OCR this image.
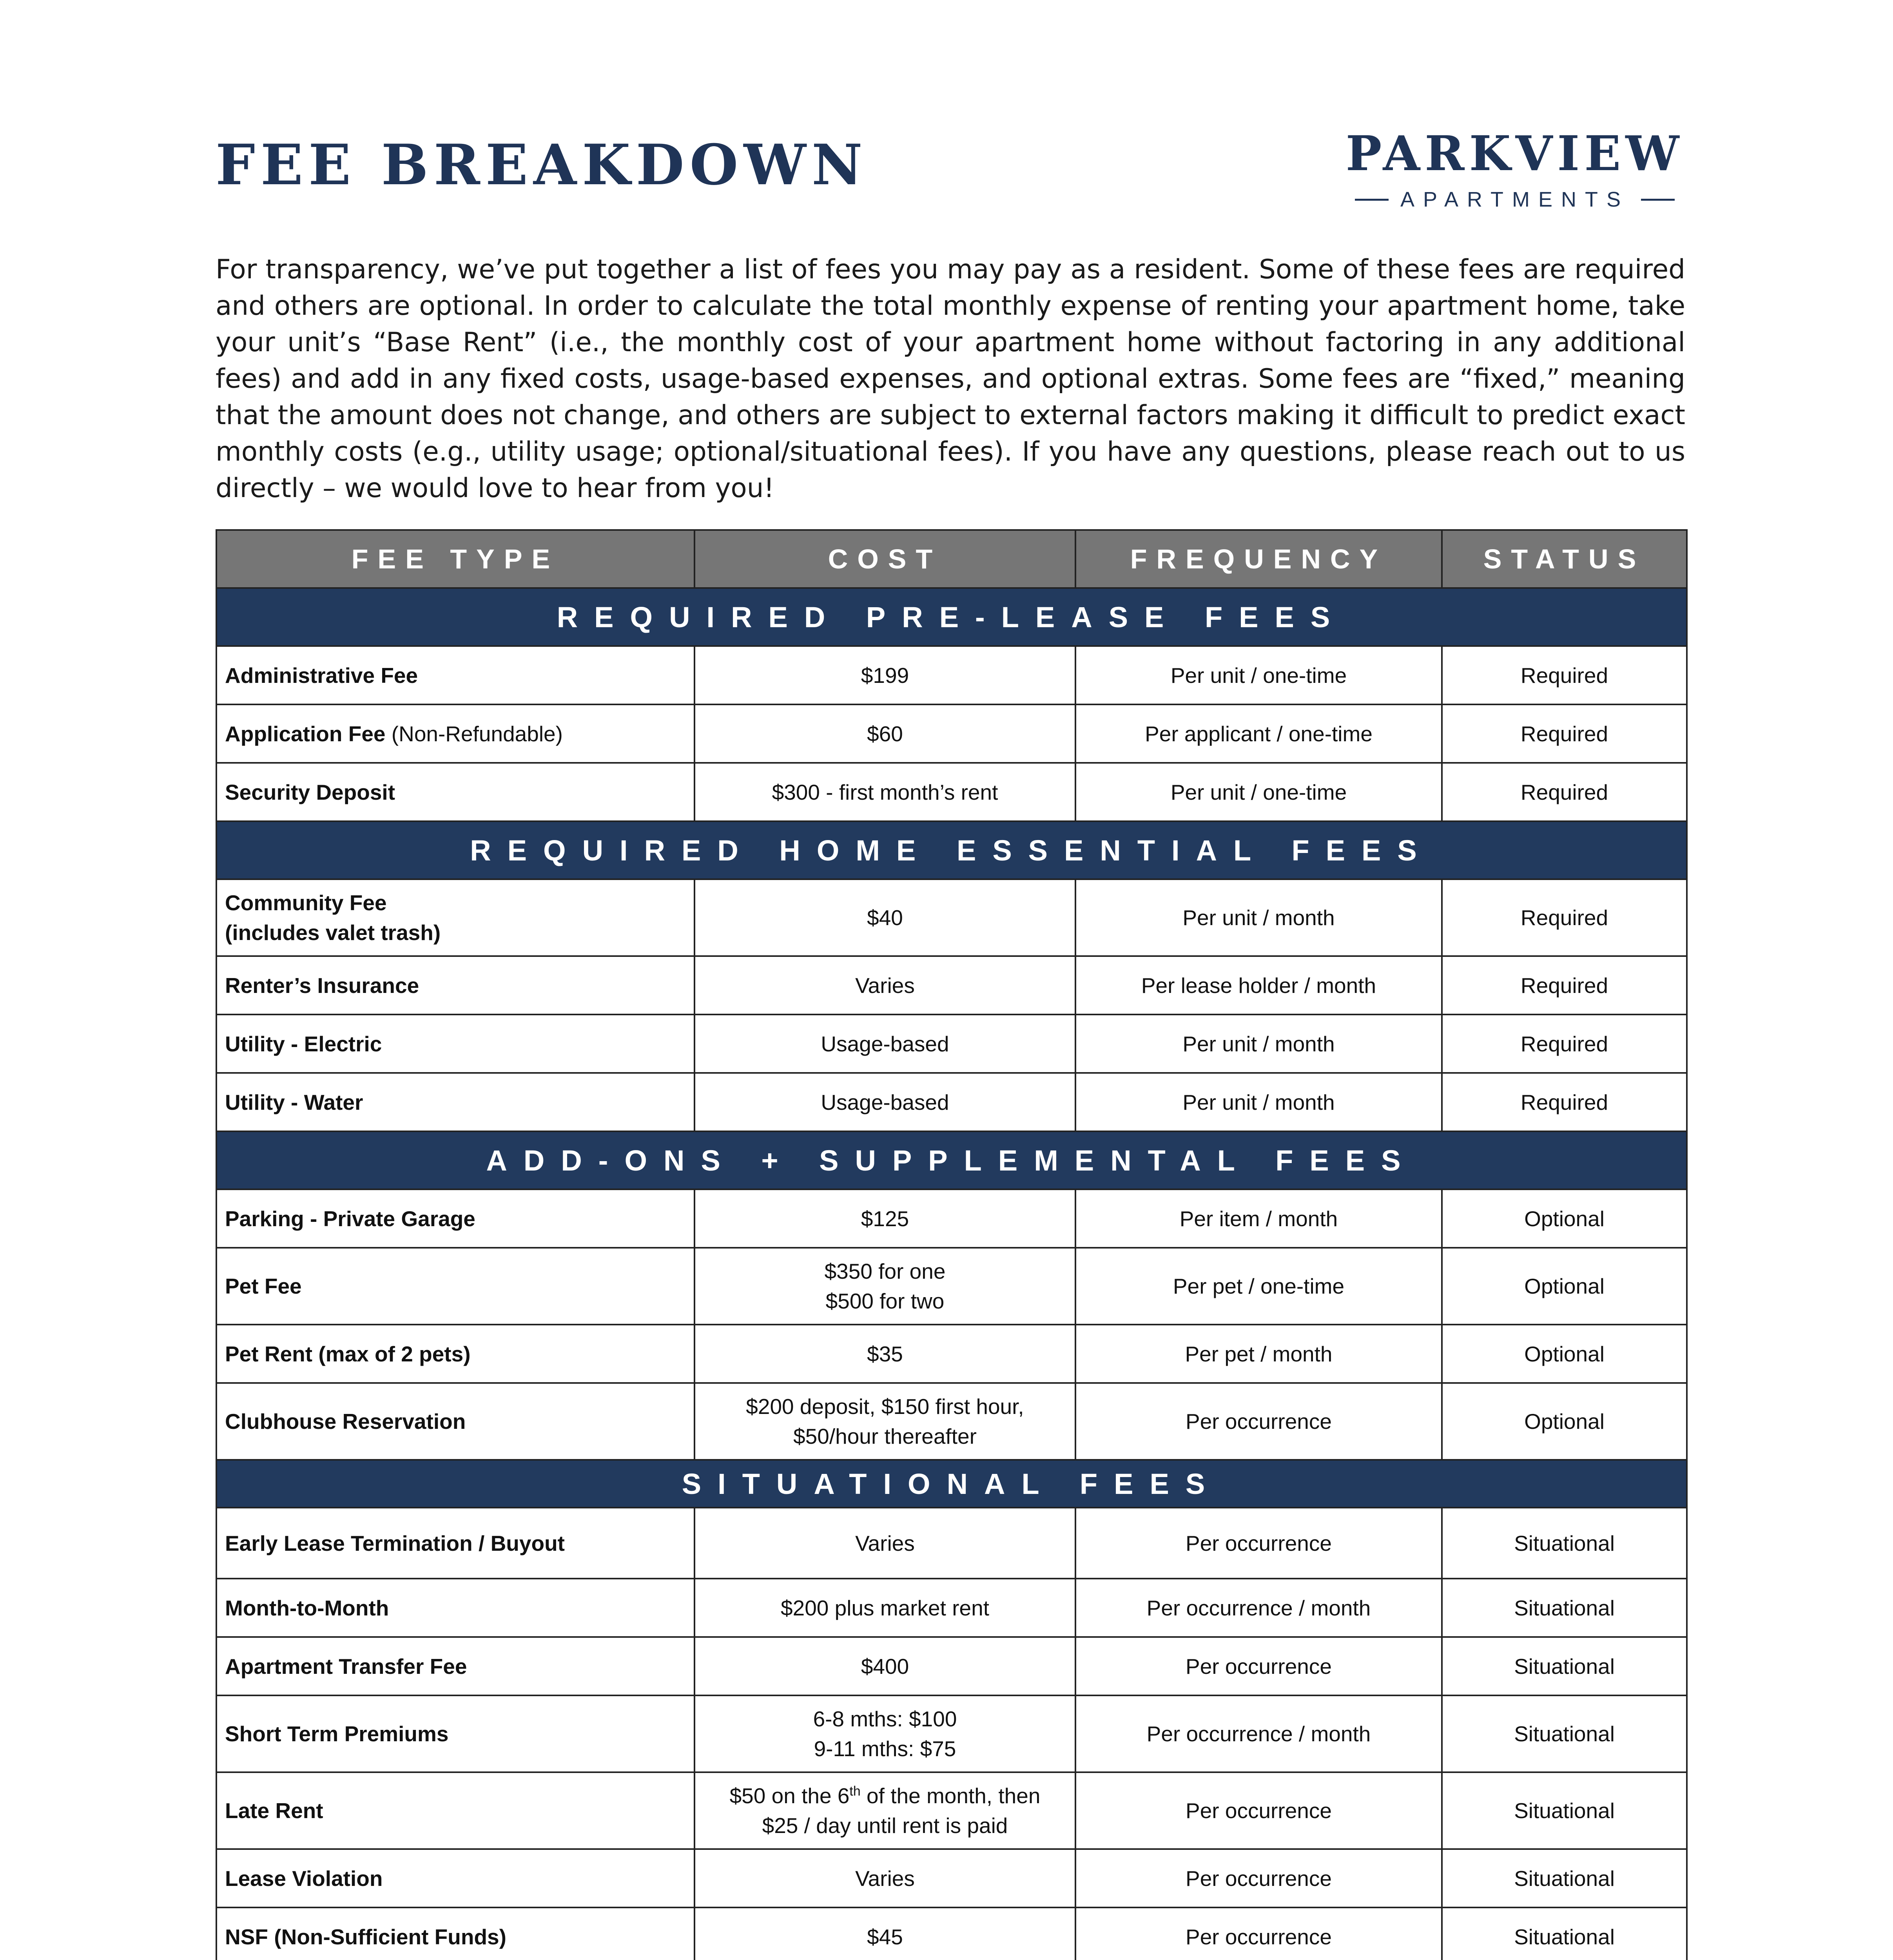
FEE BREAKDOWN	PARKVIEW
APARTMENTS

For transparency, we’ve put together a list of fees you may pay as a resident. Some of these fees are required and others are optional. In order to calculate the total monthly expense of renting your apartment home, take your unit’s “Base Rent” (i.e., the monthly cost of your apartment home without factoring in any additional fees) and add in any fixed costs, usage-based expenses, and optional extras. Some fees are “fixed,” meaning that the amount does not change, and others are subject to external factors making it difficult to predict exact monthly costs (e.g., utility usage; optional/situational fees). If you have any questions, please reach out to us directly – we would love to hear from you!

FEE TYPE	COST	FREQUENCY	STATUS
REQUIRED PRE-LEASE FEES			
Administrative Fee	$199	Per unit / one-time	Required
Application Fee (Non-Refundable)	$60	Per applicant / one-time	Required
Security Deposit	$300 - first month’s rent	Per unit / one-time	Required
REQUIRED HOME ESSENTIAL FEES			
Community Fee
(includes valet trash)	$40	Per unit / month	Required
Renter’s Insurance	Varies	Per lease holder / month	Required
Utility - Electric	Usage-based	Per unit / month	Required
Utility - Water	Usage-based	Per unit / month	Required
ADD-ONS + SUPPLEMENTAL FEES			
Parking - Private Garage	$125	Per item / month	Optional
Pet Fee	$350 for one
$500 for two	Per pet / one-time	Optional
Pet Rent (max of 2 pets)	$35	Per pet / month	Optional
Clubhouse Reservation	$200 deposit, $150 first hour,
$50/hour thereafter	Per occurrence	Optional
SITUATIONAL FEES			
Early Lease Termination / Buyout	Varies	Per occurrence	Situational
Month-to-Month	$200 plus market rent	Per occurrence / month	Situational
Apartment Transfer Fee	$400	Per occurrence	Situational
Short Term Premiums	6-8 mths: $100
9-11 mths: $75	Per occurrence / month	Situational
Late Rent	$50 on the 6th of the month, then
$25 / day until rent is paid	Per occurrence	Situational
Lease Violation	Varies	Per occurrence	Situational
NSF (Non-Sufficient Funds)	$45	Per occurrence	Situational
